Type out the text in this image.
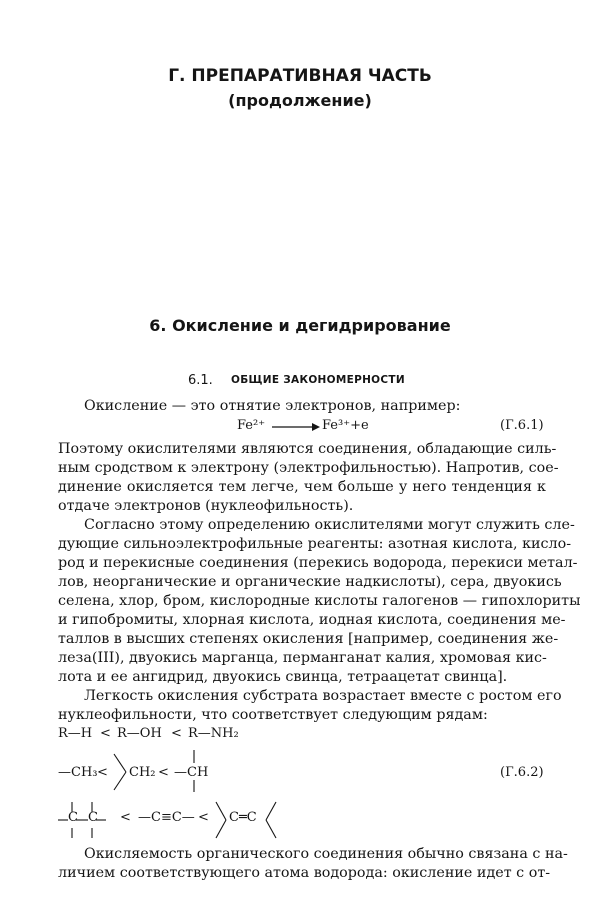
Г. ПРЕПАРАТИВНАЯ ЧАСТЬ
(продолжение)
6. Окисление и дегидрирование
6.1. ОБЩИЕ ЗАКОНОМЕРНОСТИ
Окисление — это отнятие электронов, например:
Fe²⁺ → Fe³⁺+e	(Г.6.1)
Поэтому окислителями являются соединения, обладающие силь-
ным сродством к электрону (электрофильностью). Напротив, сое-
динение окисляется тем легче, чем больше у него тенденция к
отдаче электронов (нуклеофильность).
Согласно этому определению окислителями могут служить сле-
дующие сильноэлектрофильные реагенты: азотная кислота, кисло-
род и перекисные соединения (перекись водорода, перекиси метал-
лов, неорганические и органические надкислоты), сера, двуокись
селена, хлор, бром, кислородные кислоты галогенов — гипохлориты
и гипобромиты, хлорная кислота, иодная кислота, соединения ме-
таллов в высших степенях окисления [например, соединения же-
леза(III), двуокись марганца, перманганат калия, хромовая кис-
лота и ее ангидрид, двуокись свинца, тетраацетат свинца].
Легкость окисления субстрата возрастает вместе с ростом его
нуклеофильности, что соответствует следующим рядам:
R—H < R—OH < R—NH₂
—CH₃ < CH₂ < —CH	(Г.6.2)
C C < —C≡C— < C═C
Окисляемость органического соединения обычно связана с на-
личием соответствующего атома водорода: окисление идет с от-
